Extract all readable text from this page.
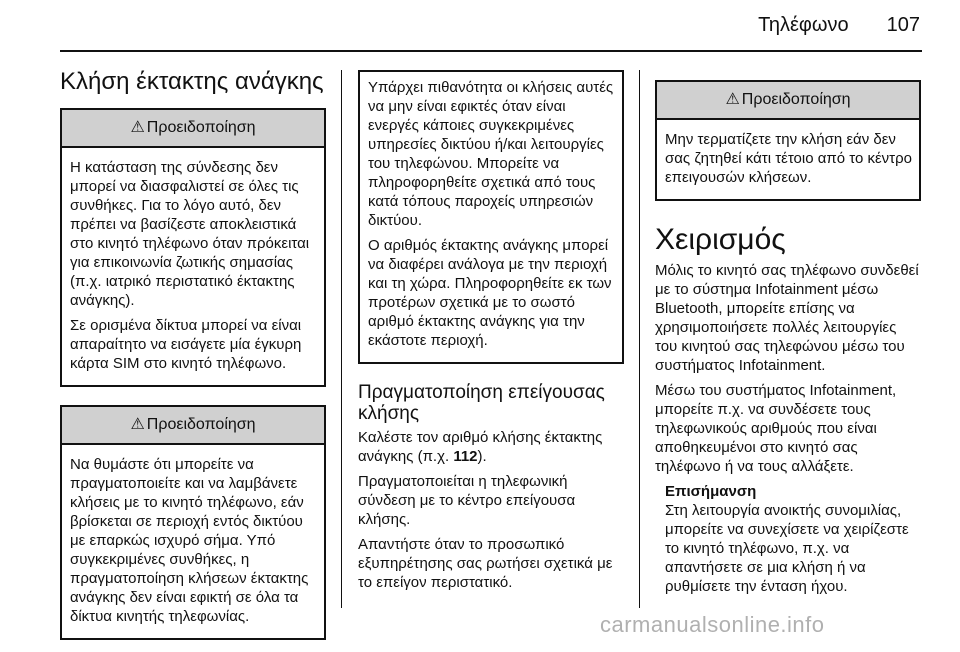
Τηλέφωνο 107
Κλήση έκτακτης ανάγκης
⚠ Προειδοποίηση

Η κατάσταση της σύνδεσης δεν μπορεί να διασφαλιστεί σε όλες τις συνθήκες. Για το λόγο αυτό, δεν πρέπει να βασίζεστε αποκλειστικά στο κινητό τηλέφωνο όταν πρόκειται για επικοινωνία ζωτικής σημασίας (π.χ. ιατρικό περιστατικό έκτακτης ανάγκης).

Σε ορισμένα δίκτυα μπορεί να είναι απαραίτητο να εισάγετε μία έγκυρη κάρτα SIM στο κινητό τηλέφωνο.

⚠ Προειδοποίηση

Να θυμάστε ότι μπορείτε να πραγματοποιείτε και να λαμβάνετε κλήσεις με το κινητό τηλέφωνο, εάν βρίσκεται σε περιοχή εντός δικτύου με επαρκώς ισχυρό σήμα. Υπό συγκεκριμένες συνθήκες, η πραγματοποίηση κλήσεων έκτακτης ανάγκης δεν είναι εφικτή σε όλα τα δίκτυα κινητής τηλεφωνίας.

Υπάρχει πιθανότητα οι κλήσεις αυτές να μην είναι εφικτές όταν είναι ενεργές κάποιες συγκεκριμένες υπηρεσίες δικτύου ή/και λειτουργίες του τηλεφώνου. Μπορείτε να πληροφορηθείτε σχετικά από τους κατά τόπους παροχείς υπηρεσιών δικτύου.

Ο αριθμός έκτακτης ανάγκης μπορεί να διαφέρει ανάλογα με την περιοχή και τη χώρα. Πληροφορηθείτε εκ των προτέρων σχετικά με το σωστό αριθμό έκτακτης ανάγκης για την εκάστοτε περιοχή.

Πραγματοποίηση επείγουσας κλήσης

Καλέστε τον αριθμό κλήσης έκτακτης ανάγκης (π.χ. 112).

Πραγματοποιείται η τηλεφωνική σύνδεση με το κέντρο επείγουσα κλήσης.

Απαντήστε όταν το προσωπικό εξυπηρέτησης σας ρωτήσει σχετικά με το επείγον περιστατικό.

⚠ Προειδοποίηση

Μην τερματίζετε την κλήση εάν δεν σας ζητηθεί κάτι τέτοιο από το κέντρο επειγουσών κλήσεων.

Χειρισμός

Μόλις το κινητό σας τηλέφωνο συνδεθεί με το σύστημα Infotainment μέσω Bluetooth, μπορείτε επίσης να χρησιμοποιήσετε πολλές λειτουργίες του κινητού σας τηλεφώνου μέσω του συστήματος Infotainment.

Μέσω του συστήματος Infotainment, μπορείτε π.χ. να συνδέσετε τους τηλεφωνικούς αριθμούς που είναι αποθηκευμένοι στο κινητό σας τηλέφωνο ή να τους αλλάξετε.

Επισήμανση
Στη λειτουργία ανοικτής συνομιλίας, μπορείτε να συνεχίσετε να χειρίζεστε το κινητό τηλέφωνο, π.χ. να απαντήσετε σε μια κλήση ή να ρυθμίσετε την ένταση ήχου.
carmanualsonline.info
